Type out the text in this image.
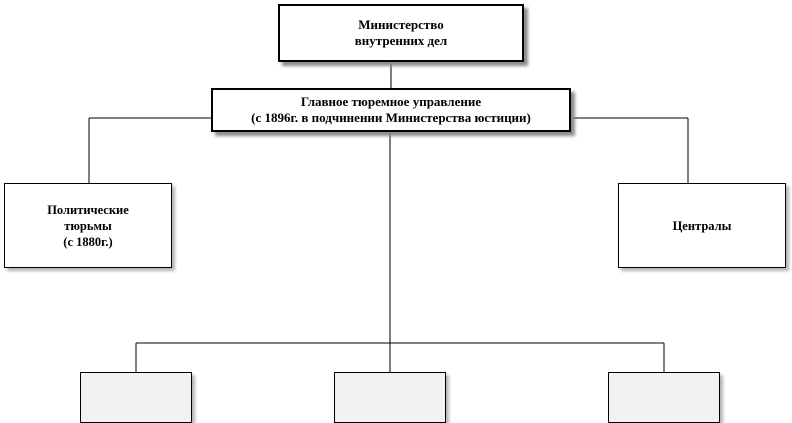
Министерство
внутренних дел
Главное тюремное управление
(с 1896г. в подчинении Министерства юстиции)
Политические
тюрьмы
(с 1880г.)
Централы
